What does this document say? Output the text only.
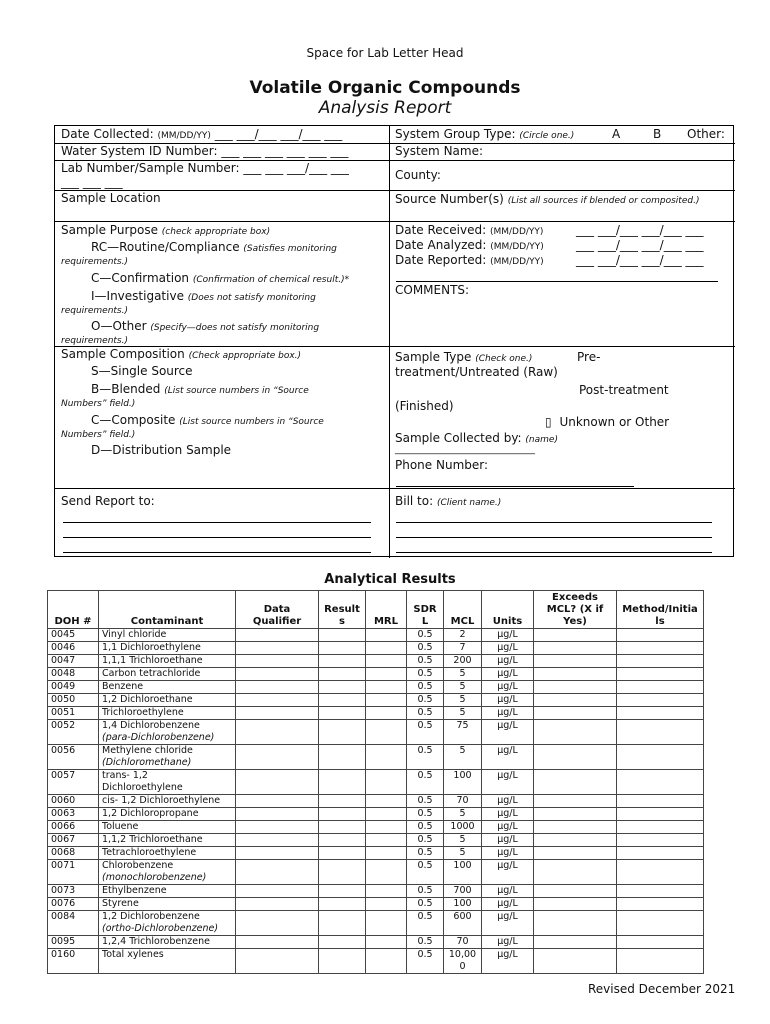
Space for Lab Letter Head
Volatile Organic Compounds
Analysis Report
Date Collected: (MM/DD/YY) ___ ___/___ ___/___ ___	System Group Type: (Circle one.)	A	B Other:
Water System ID Number: ___ ___ ___ ___ ___ ___	System Name:
Lab Number/Sample Number: ___ ___ ___/___ ___
___ ___ ___	County:
Sample Location	Source Number(s) (List all sources if blended or composited.)
Sample Purpose (check appropriate box)
RC—Routine/Compliance (Satisfies monitoring
requirements.)
C—Confirmation (Confirmation of chemical result.)*
I—Investigative (Does not satisfy monitoring
requirements.)
O—Other (Specify—does not satisfy monitoring
requirements.)
Date Received: (MM/DD/YY)	___ ___/___ ___/___ ___
Date Analyzed: (MM/DD/YY)	___ ___/___ ___/___ ___
Date Reported: (MM/DD/YY)	___ ___/___ ___/___ ___
COMMENTS:
Sample Composition (Check appropriate box.)
S—Single Source
B—Blended (List source numbers in “Source
Numbers” field.)
C—Composite (List source numbers in “Source
Numbers” field.)
D—Distribution Sample
Sample Type (Check one.)	Pre-
treatment/Untreated (Raw)
Post-treatment
(Finished)
▯ Unknown or Other
Sample Collected by: (name)
____________________________
Phone Number:
Send Report to:	Bill to: (Client name.)
Analytical Results
DOH #	Contaminant	Data Qualifier	Result s	MRL	SDR L	MCL	Units	Exceeds MCL? (X if Yes)	Method/Initia ls
0045	Vinyl chloride				0.5	2	µg/L		
0046	1,1 Dichloroethylene				0.5	7	µg/L		
0047	1,1,1 Trichloroethane				0.5	200	µg/L		
0048	Carbon tetrachloride				0.5	5	µg/L		
0049	Benzene				0.5	5	µg/L		
0050	1,2 Dichloroethane				0.5	5	µg/L		
0051	Trichloroethylene				0.5	5	µg/L		
0052	1,4 Dichlorobenzene
(para-Dichlorobenzene)				0.5	75	µg/L		
0056	Methylene chloride
(Dichloromethane)				0.5	5	µg/L		
0057	trans- 1,2
Dichloroethylene				0.5	100	µg/L		
0060	cis- 1,2 Dichloroethylene				0.5	70	µg/L		
0063	1,2 Dichloropropane				0.5	5	µg/L		
0066	Toluene				0.5	1000	µg/L		
0067	1,1,2 Trichloroethane				0.5	5	µg/L		
0068	Tetrachloroethylene				0.5	5	µg/L		
0071	Chlorobenzene
(monochlorobenzene)				0.5	100	µg/L		
0073	Ethylbenzene				0.5	700	µg/L		
0076	Styrene				0.5	100	µg/L		
0084	1,2 Dichlorobenzene
(ortho-Dichlorobenzene)				0.5	600	µg/L		
0095	1,2,4 Trichlorobenzene				0.5	70	µg/L		
0160	Total xylenes				0.5	10,00 0	µg/L		
Revised December 2021
